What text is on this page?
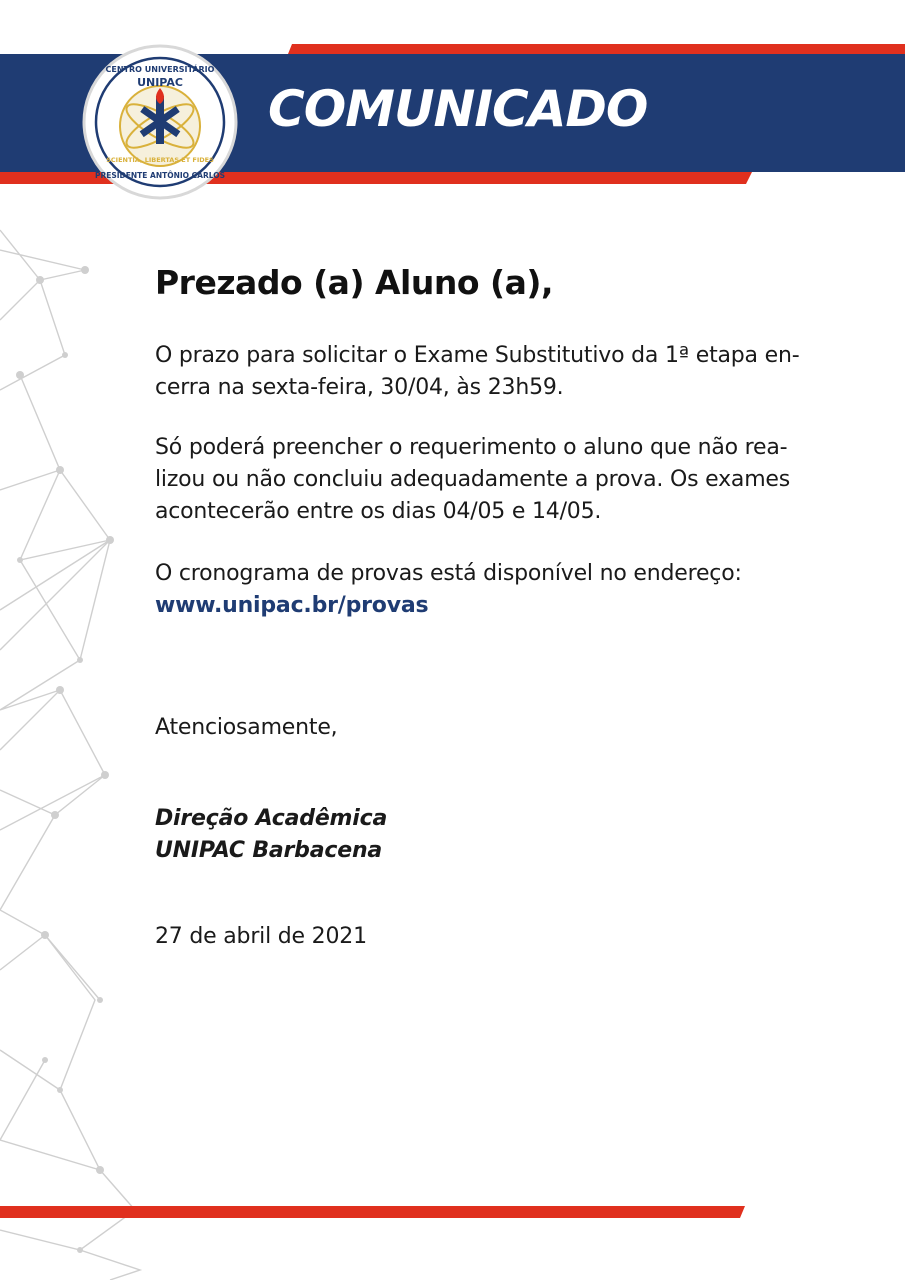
CENTRO UNIVERSITÁRIO
UNIPAC
SCIENTIA, LIBERTAS ET FIDES
PRESIDENTE ANTÔNIO CARLOS
COMUNICADO
Prezado (a) Aluno (a),

O prazo para solicitar o Exame Substitutivo da 1ª etapa en-
cerra na sexta-feira, 30/04, às 23h59.

Só poderá preencher o requerimento o aluno que não rea-
lizou ou não concluiu adequadamente a prova. Os exames
acontecerão entre os dias 04/05 e 14/05.

O cronograma de provas está disponível no endereço:
www.unipac.br/provas

Atenciosamente,

Direção Acadêmica
UNIPAC Barbacena

27 de abril de 2021
